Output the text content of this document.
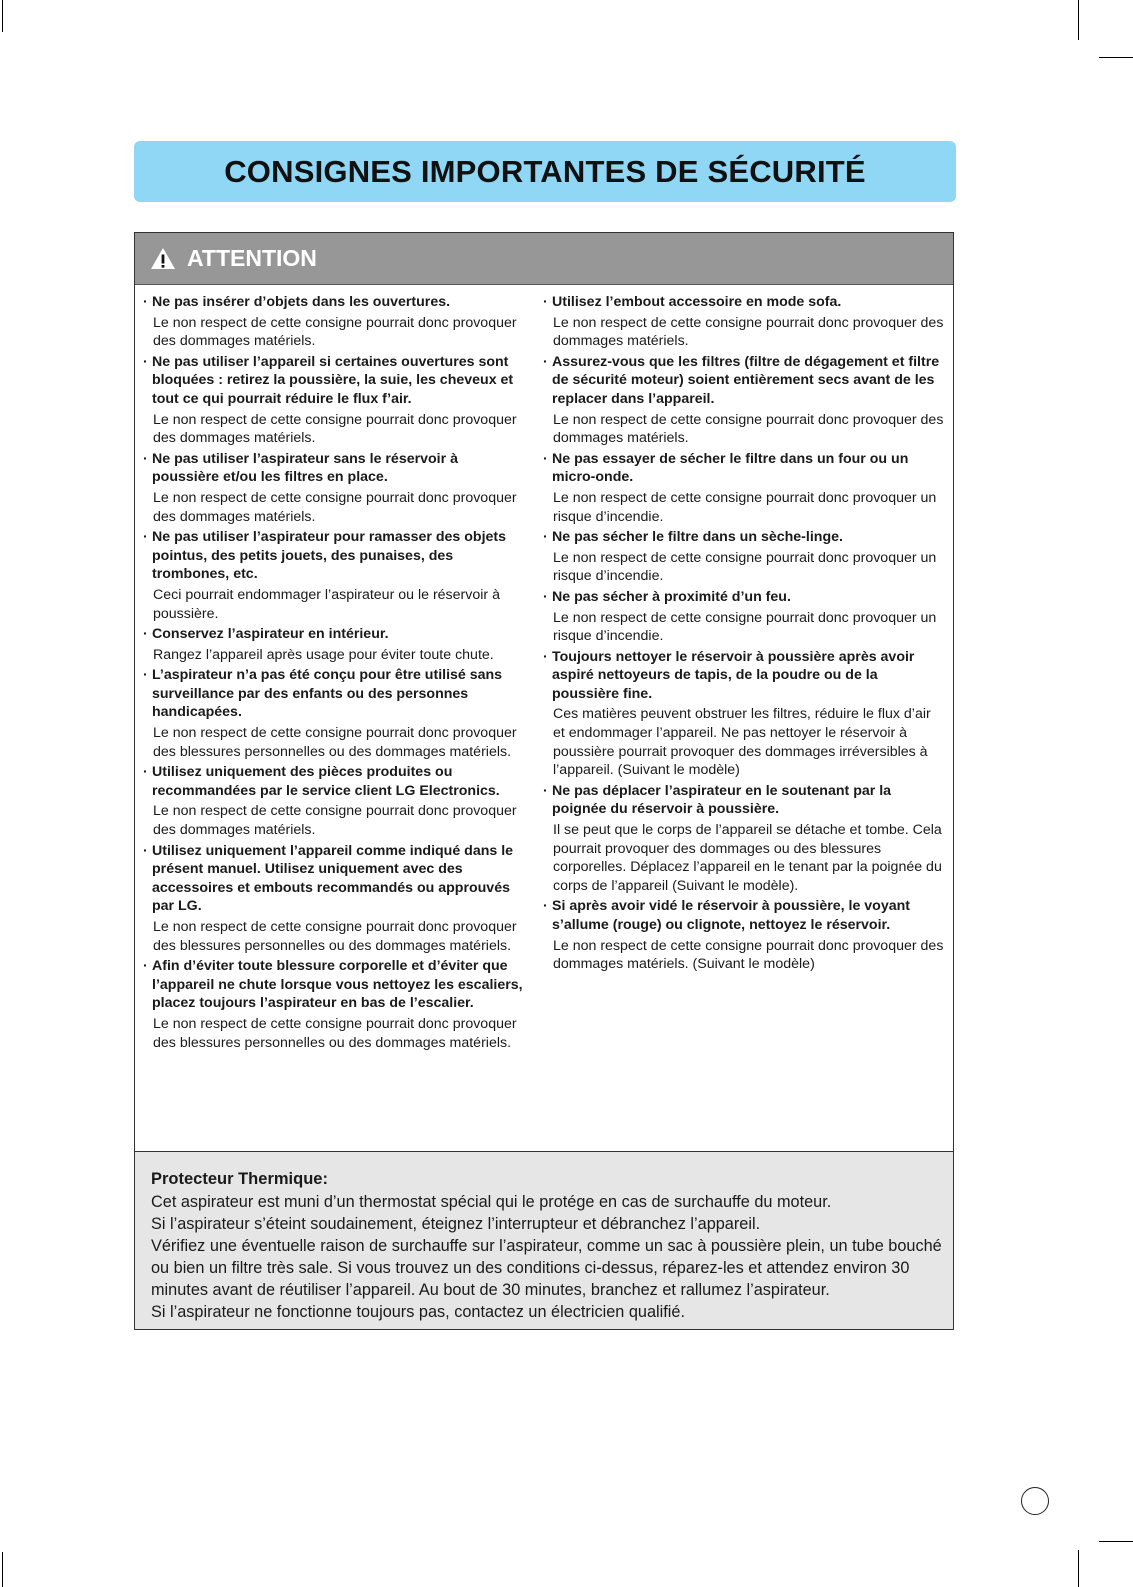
CONSIGNES IMPORTANTES DE SÉCURITÉ
ATTENTION
· Ne pas insérer d’objets dans les ouvertures.
Le non respect de cette consigne pourrait donc provoquer des dommages matériels.
· Ne pas utiliser l’appareil si certaines ouvertures sont bloquées : retirez la poussière, la suie, les cheveux et tout ce qui pourrait réduire le flux f’air.
Le non respect de cette consigne pourrait donc provoquer des dommages matériels.
· Ne pas utiliser l’aspirateur sans le réservoir à poussière et/ou les filtres en place.
Le non respect de cette consigne pourrait donc provoquer des dommages matériels.
· Ne pas utiliser l’aspirateur pour ramasser des objets pointus, des petits jouets, des punaises, des trombones, etc.
Ceci pourrait endommager l’aspirateur ou le réservoir à poussière.
· Conservez l’aspirateur en intérieur.
Rangez l’appareil après usage pour éviter toute chute.
· L’aspirateur n’a pas été conçu pour être utilisé sans surveillance par des enfants ou des personnes handicapées.
Le non respect de cette consigne pourrait donc provoquer des blessures personnelles ou des dommages matériels.
· Utilisez uniquement des pièces produites ou recommandées par le service client LG Electronics.
Le non respect de cette consigne pourrait donc provoquer des dommages matériels.
· Utilisez uniquement l’appareil comme indiqué dans le présent manuel. Utilisez uniquement avec des accessoires et embouts recommandés ou approuvés par LG.
Le non respect de cette consigne pourrait donc provoquer des blessures personnelles ou des dommages matériels.
· Afin d’éviter toute blessure corporelle et d’éviter que l’appareil ne chute lorsque vous nettoyez les escaliers, placez toujours l’aspirateur en bas de l’escalier.
Le non respect de cette consigne pourrait donc provoquer des blessures personnelles ou des dommages matériels.
· Utilisez l’embout accessoire en mode sofa.
Le non respect de cette consigne pourrait donc provoquer des dommages matériels.
· Assurez-vous que les filtres (filtre de dégagement et filtre de sécurité moteur) soient entièrement secs avant de les replacer dans l’appareil.
Le non respect de cette consigne pourrait donc provoquer des dommages matériels.
· Ne pas essayer de sécher le filtre dans un four ou un micro-onde.
Le non respect de cette consigne pourrait donc provoquer un risque d’incendie.
· Ne pas sécher le filtre dans un sèche-linge.
Le non respect de cette consigne pourrait donc provoquer un risque d’incendie.
· Ne pas sécher à proximité d’un feu.
Le non respect de cette consigne pourrait donc provoquer un risque d’incendie.
· Toujours nettoyer le réservoir à poussière après avoir aspiré nettoyeurs de tapis, de la poudre ou de la poussière fine.
Ces matières peuvent obstruer les filtres, réduire le flux d’air et endommager l’appareil. Ne pas nettoyer le réservoir à poussière pourrait provoquer des dommages irréversibles à l’appareil. (Suivant le modèle)
· Ne pas déplacer l’aspirateur en le soutenant par la poignée du réservoir à poussière.
Il se peut que le corps de l’appareil se détache et tombe. Cela pourrait provoquer des dommages ou des blessures corporelles. Déplacez l’appareil en le tenant par la poignée du corps de l’appareil (Suivant le modèle).
· Si après avoir vidé le réservoir à poussière, le voyant s’allume (rouge) ou clignote, nettoyez le réservoir.
Le non respect de cette consigne pourrait donc provoquer des dommages matériels. (Suivant le modèle)
Protecteur Thermique:

Cet aspirateur est muni d’un thermostat spécial qui le protége en cas de surchauffe du moteur.

Si l’aspirateur s’éteint soudainement, éteignez l’interrupteur et débranchez l’appareil.

Vérifiez une éventuelle raison de surchauffe sur l’aspirateur, comme un sac à poussière plein, un tube bouché ou bien un filtre très sale. Si vous trouvez un des conditions ci-dessus, réparez-les et attendez environ 30 minutes avant de réutiliser l’appareil. Au bout de 30 minutes, branchez et rallumez l’aspirateur.

Si l’aspirateur ne fonctionne toujours pas, contactez un électricien qualifié.
